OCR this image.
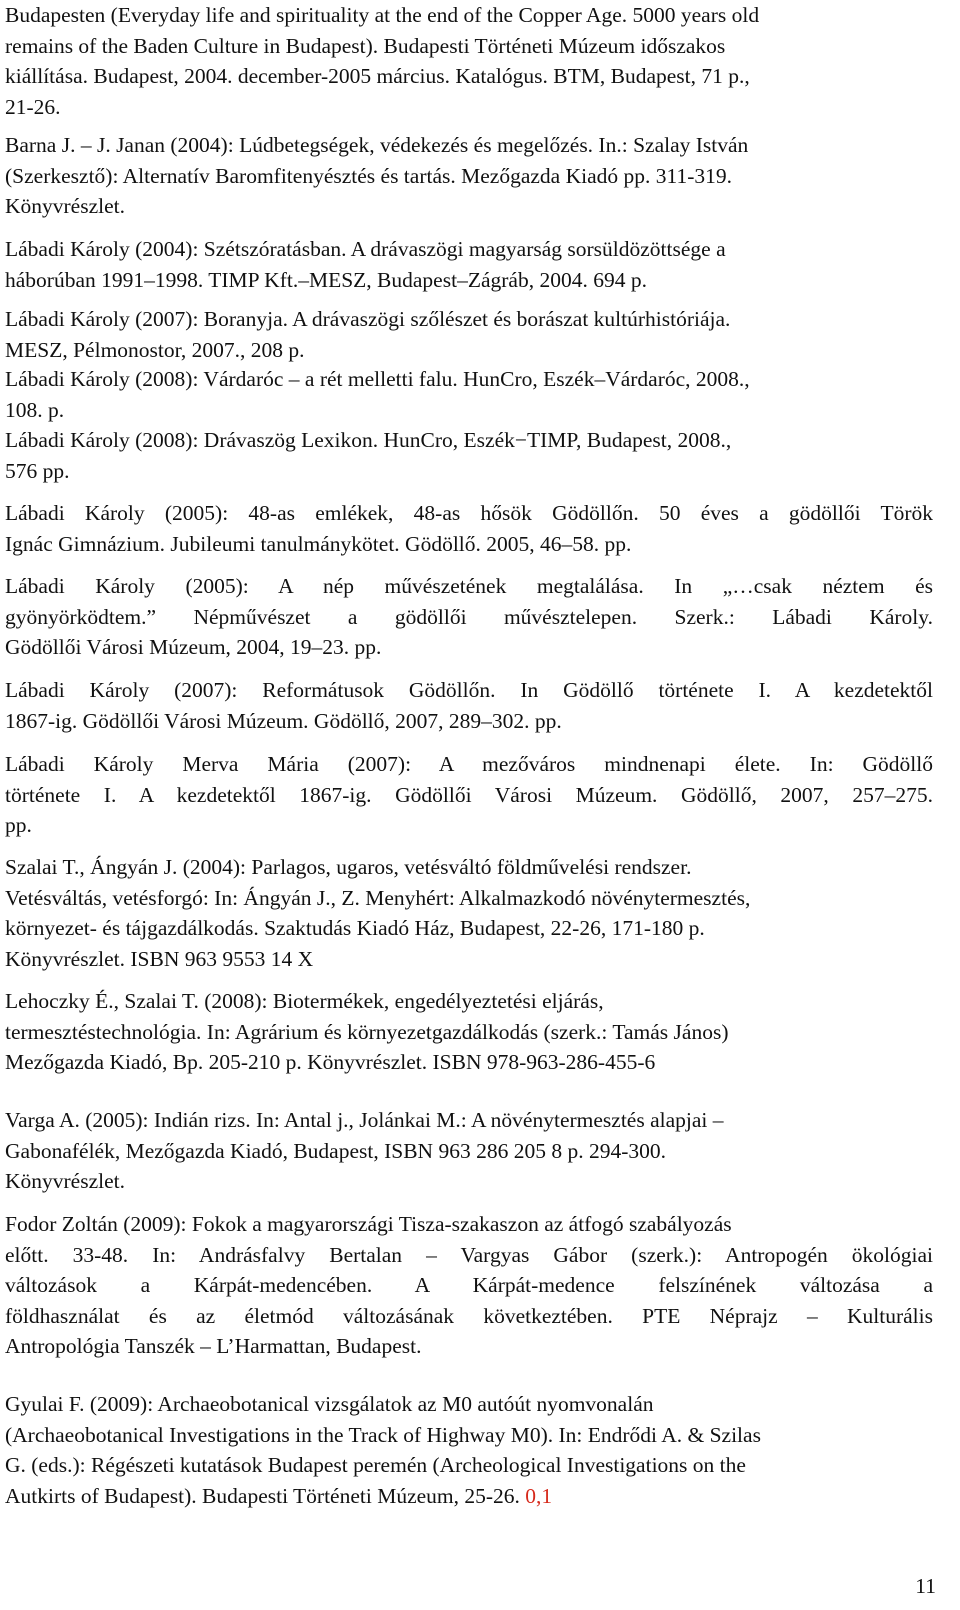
Budapesten (Everyday life and spirituality at the end of the Copper Age. 5000 years old

remains of the Baden Culture in Budapest). Budapesti Történeti Múzeum időszakos

kiállítása. Budapest, 2004. december-2005 március. Katalógus. BTM, Budapest, 71 p.,

21-26.

Barna J. – J. Janan (2004): Lúdbetegségek, védekezés és megelőzés. In.: Szalay István

(Szerkesztő): Alternatív Baromfitenyésztés és tartás. Mezőgazda Kiadó pp. 311-319.

Könyvrészlet.

Lábadi Károly (2004): Szétszóratásban. A drávaszögi magyarság sorsüldözöttsége a

háborúban 1991–1998. TIMP Kft.–MESZ, Budapest–Zágráb, 2004. 694 p.

Lábadi Károly (2007): Boranyja. A drávaszögi szőlészet és borászat kultúrhistóriája.

MESZ, Pélmonostor, 2007., 208 p.

Lábadi Károly (2008): Várdaróc – a rét melletti falu. HunCro, Eszék–Várdaróc, 2008.,

108. p.

Lábadi Károly (2008): Drávaszög Lexikon. HunCro, Eszék−TIMP, Budapest, 2008.,

576 pp.

Lábadi Károly (2005): 48-as emlékek, 48-as hősök Gödöllőn. 50 éves a gödöllői Török

Ignác Gimnázium. Jubileumi tanulmánykötet. Gödöllő. 2005, 46–58. pp.

Lábadi Károly (2005): A nép művészetének megtalálása. In „…csak néztem és

gyönyörködtem.” Népművészet a gödöllői művésztelepen. Szerk.: Lábadi Károly.

Gödöllői Városi Múzeum, 2004, 19–23. pp.

Lábadi Károly (2007): Reformátusok Gödöllőn. In Gödöllő története I. A kezdetektől

1867-ig. Gödöllői Városi Múzeum. Gödöllő, 2007, 289–302. pp.

Lábadi Károly Merva Mária (2007): A mezőváros mindnenapi élete. In: Gödöllő

története I. A kezdetektől 1867-ig. Gödöllői Városi Múzeum. Gödöllő, 2007, 257–275.

pp.

Szalai T., Ángyán J. (2004): Parlagos, ugaros, vetésváltó földművelési rendszer.

Vetésváltás, vetésforgó: In: Ángyán J., Z. Menyhért: Alkalmazkodó növénytermesztés,

környezet- és tájgazdálkodás. Szaktudás Kiadó Ház, Budapest, 22-26, 171-180 p.

Könyvrészlet. ISBN 963 9553 14 X

Lehoczky É., Szalai T. (2008): Biotermékek, engedélyeztetési eljárás,

termesztéstechnológia. In: Agrárium és környezetgazdálkodás (szerk.: Tamás János)

Mezőgazda Kiadó, Bp. 205-210 p. Könyvrészlet. ISBN 978-963-286-455-6

Varga A. (2005): Indián rizs. In: Antal j., Jolánkai M.: A növénytermesztés alapjai –

Gabonafélék, Mezőgazda Kiadó, Budapest, ISBN 963 286 205 8 p. 294-300.

Könyvrészlet.

Fodor Zoltán (2009): Fokok a magyarországi Tisza-szakaszon az átfogó szabályozás

előtt. 33-48. In: Andrásfalvy Bertalan – Vargyas Gábor (szerk.): Antropogén ökológiai

változások a Kárpát-medencében. A Kárpát-medence felszínének változása a

földhasználat és az életmód változásának következtében. PTE Néprajz – Kulturális

Antropológia Tanszék – L’Harmattan, Budapest.

Gyulai F. (2009): Archaeobotanical vizsgálatok az M0 autóút nyomvonalán

(Archaeobotanical Investigations in the Track of Highway M0). In: Endrődi A. & Szilas

G. (eds.): Régészeti kutatások Budapest peremén (Archeological Investigations on the

Autkirts of Budapest). Budapesti Történeti Múzeum, 25-26. 0,1

11
